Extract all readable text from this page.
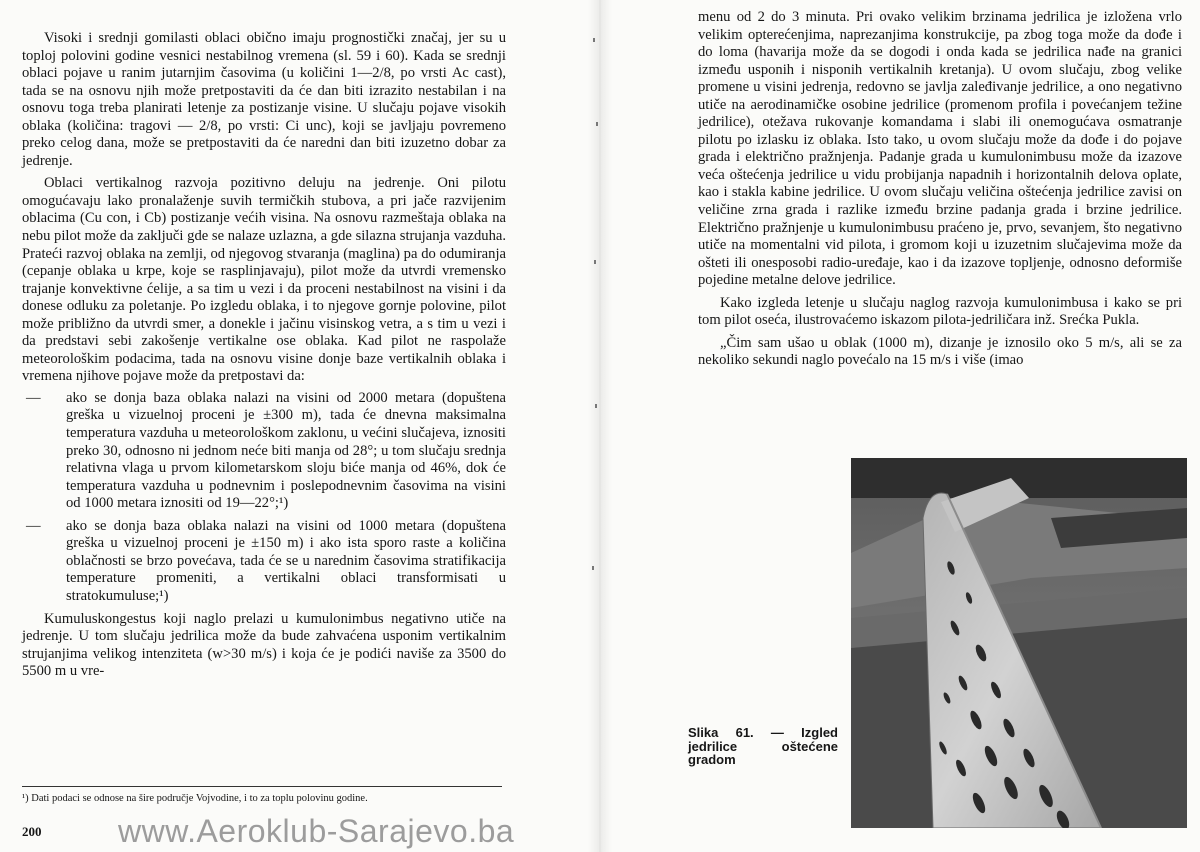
Visoki i srednji gomilasti oblaci obično imaju prognostički značaj, jer su u toploj polovini godine vesnici nestabilnog vremena (sl. 59 i 60). Kada se srednji oblaci pojave u ranim jutarnjim časovima (u količini 1—2/8, po vrsti Ac cast), tada se na osnovu njih može pretpostaviti da će dan biti izrazito nestabilan i na osnovu toga treba planirati letenje za postizanje visine. U slučaju pojave visokih oblaka (količina: tragovi — 2/8, po vrsti: Ci unc), koji se javljaju povremeno preko celog dana, može se pretpostaviti da će naredni dan biti izuzetno dobar za jedrenje.

Oblaci vertikalnog razvoja pozitivno deluju na jedrenje. Oni pilotu omogućavaju lako pronalaženje suvih termičkih stubova, a pri jače razvijenim oblacima (Cu con, i Cb) postizanje većih visina. Na osnovu razmeštaja oblaka na nebu pilot može da zaključi gde se nalaze uzlazna, a gde silazna strujanja vazduha. Prateći razvoj oblaka na zemlji, od njegovog stvaranja (maglina) pa do odumiranja (cepanje oblaka u krpe, koje se rasplinjavaju), pilot može da utvrdi vremensko trajanje konvektivne ćelije, a sa tim u vezi i da proceni nestabilnost na visini i da donese odluku za poletanje. Po izgledu oblaka, i to njegove gornje polovine, pilot može približno da utvrdi smer, a donekle i jačinu visinskog vetra, a s tim u vezi i da predstavi sebi zakošenje vertikalne ose oblaka. Kad pilot ne raspolaže meteorološkim podacima, tada na osnovu visine donje baze vertikalnih oblaka i vremena njihove pojave može da pretpostavi da:

— ako se donja baza oblaka nalazi na visini od 2000 metara (dopuštena greška u vizuelnoj proceni je ±300 m), tada će dnevna maksimalna temperatura vazduha u meteorološkom zaklonu, u većini slučajeva, iznositi preko 30, odnosno ni jednom neće biti manja od 28°; u tom slučaju srednja relativna vlaga u prvom kilometarskom sloju biće manja od 46%, dok će temperatura vazduha u podnevnim i poslepodnevnim časovima na visini od 1000 metara iznositi od 19—22°;¹)
— ako se donja baza oblaka nalazi na visini od 1000 metara (dopuštena greška u vizuelnoj proceni je ±150 m) i ako ista sporo raste a količina oblačnosti se brzo povećava, tada će se u narednim časovima stratifikacija temperature promeniti, a vertikalni oblaci transformisati u stratokumuluse;¹)

Kumuluskongestus koji naglo prelazi u kumulonimbus negativno utiče na jedrenje. U tom slučaju jedrilica može da bude zahvaćena usponim vertikalnim strujanjima velikog intenziteta (w>30 m/s) i koja će je podići naviše za 3500 do 5500 m u vre-

¹) Dati podaci se odnose na šire područje Vojvodine, i to za toplu polovinu godine.
200

menu od 2 do 3 minuta. Pri ovako velikim brzinama jedrilica je izložena vrlo velikim opterećenjima, naprezanjima konstrukcije, pa zbog toga može da dođe i do loma (havarija može da se dogodi i onda kada se jedrilica nađe na granici između usponih i nisponih vertikalnih kretanja). U ovom slučaju, zbog velike promene u visini jedrenja, redovno se javlja zaleđivanje jedrilice, a ono negativno utiče na aerodinamičke osobine jedrilice (promenom profila i povećanjem težine jedrilice), otežava rukovanje komandama i slabi ili onemogućava osmatranje pilotu po izlasku iz oblaka. Isto tako, u ovom slučaju može da dođe i do pojave grada i električno pražnjenja. Padanje grada u kumulonimbusu može da izazove veća oštećenja jedrilice u vidu probijanja napadnih i horizontalnih delova oplate, kao i stakla kabine jedrilice. U ovom slučaju veličina oštećenja jedrilice zavisi on veličine zrna grada i razlike između brzine padanja grada i brzine jedrilice. Električno pražnjenje u kumulonimbusu praćeno je, prvo, sevanjem, što negativno utiče na momentalni vid pilota, i gromom koji u izuzetnim slučajevima može da ošteti ili onesposobi radio-uređaje, kao i da izazove topljenje, odnosno deformiše pojedine metalne delove jedrilice.

Kako izgleda letenje u slučaju naglog razvoja kumulonimbusa i kako se pri tom pilot oseća, ilustrovaćemo iskazom pilota-jedriličara inž. Srećka Pukla.

„Čim sam ušao u oblak (1000 m), dizanje je iznosilo oko 5 m/s, ali se za nekoliko sekundi naglo povećalo na 15 m/s i više (imao

Slika 61. — Izgled jedrilice oštećene gradom
www.Aeroklub-Sarajevo.ba
